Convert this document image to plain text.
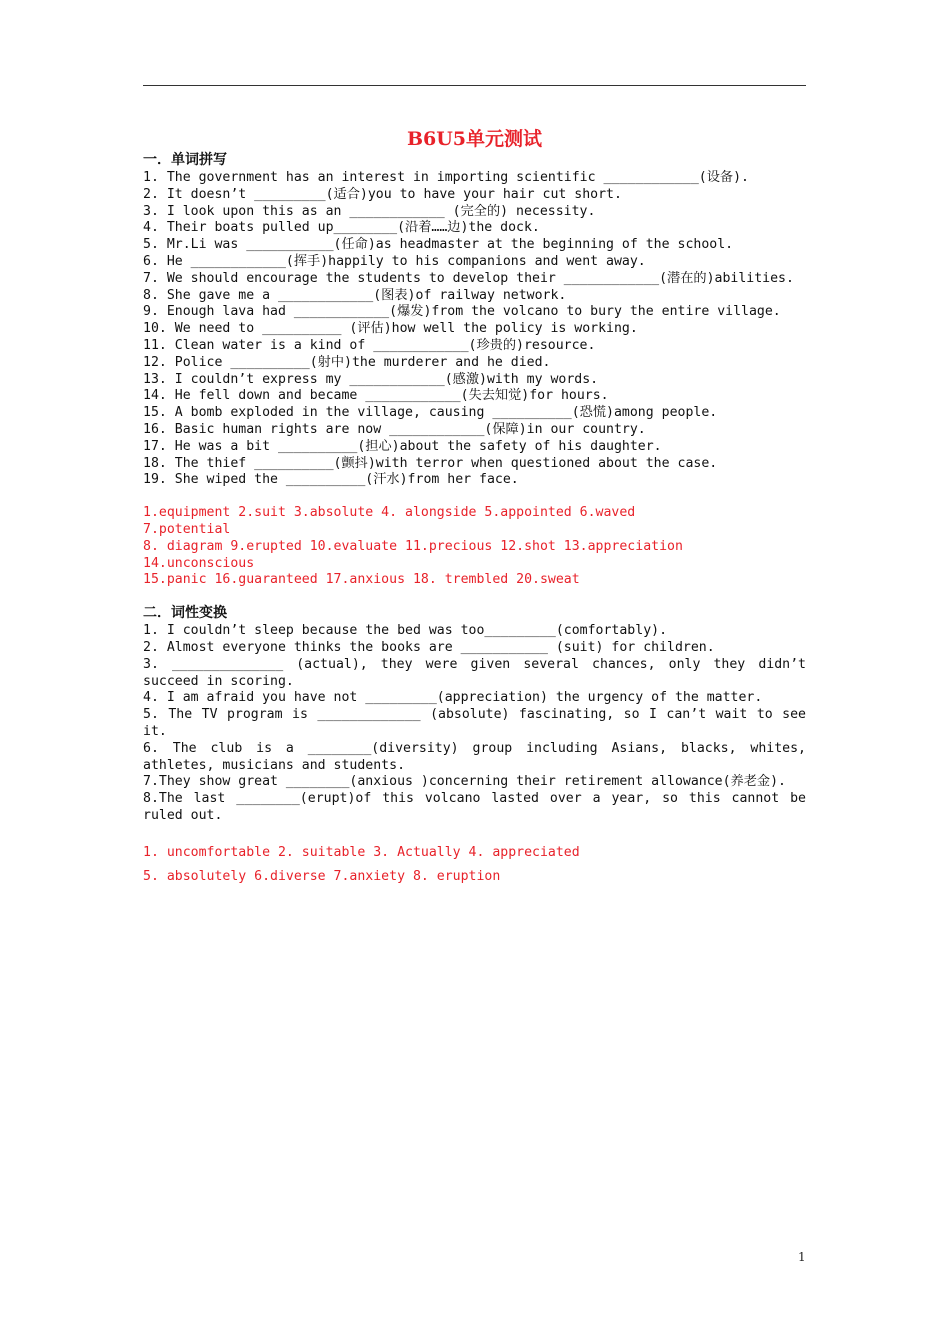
B6U5单元测试

一．单词拼写

1. The government has an interest in importing scientific ____________(设备).
2. It doesn’t _________(适合)you to have your hair cut short.
3. I look upon this as an ____________ (完全的) necessity.
4. Their boats pulled up________(沿着……边)the dock.
5. Mr.Li was ___________(任命)as headmaster at the beginning of the school.
6. He ____________(挥手)happily to his companions and went away.
7. We should encourage the students to develop their ____________(潜在的)abilities.
8. She gave me a ____________(图表)of railway network.
9. Enough lava had ____________(爆发)from the volcano to bury the entire village.
10. We need to __________ (评估)how well the policy is working.
11. Clean water is a kind of ____________(珍贵的)resource.
12. Police __________(射中)the murderer and he died.
13. I couldn’t express my ____________(感激)with my words.
14. He fell down and became ____________(失去知觉)for hours.
15. A bomb exploded in the village, causing __________(恐慌)among people.
16. Basic human rights are now ____________(保障)in our country.
17. He was a bit __________(担心)about the safety of his daughter.
18. The thief __________(颤抖)with terror when questioned about the case.
19. She wiped the __________(汗水)from her face.

1.equipment 2.suit 3.absolute 4. alongside 5.appointed 6.waved

7.potential

8. diagram 9.erupted 10.evaluate 11.precious 12.shot 13.appreciation

14.unconscious

15.panic 16.guaranteed 17.anxious 18. trembled 20.sweat

二．词性变换

1. I couldn’t sleep because the bed was too_________(comfortably).
2. Almost everyone thinks the books are ___________ (suit) for children.
3. ______________ (actual), they were given several chances, only they didn’t succeed in scoring.
4. I am afraid you have not _________(appreciation) the urgency of the matter.
5. The TV program is _____________ (absolute) fascinating, so I can’t wait to see it.
6. The club is a ________(diversity) group including Asians, blacks, whites, athletes, musicians and students.
7.They show great ________(anxious )concerning their retirement allowance(养老金).
8.The last ________(erupt)of this volcano lasted over a year, so this cannot be ruled out.

1. uncomfortable 2. suitable 3. Actually 4. appreciated

5. absolutely 6.diverse 7.anxiety 8. eruption

1
